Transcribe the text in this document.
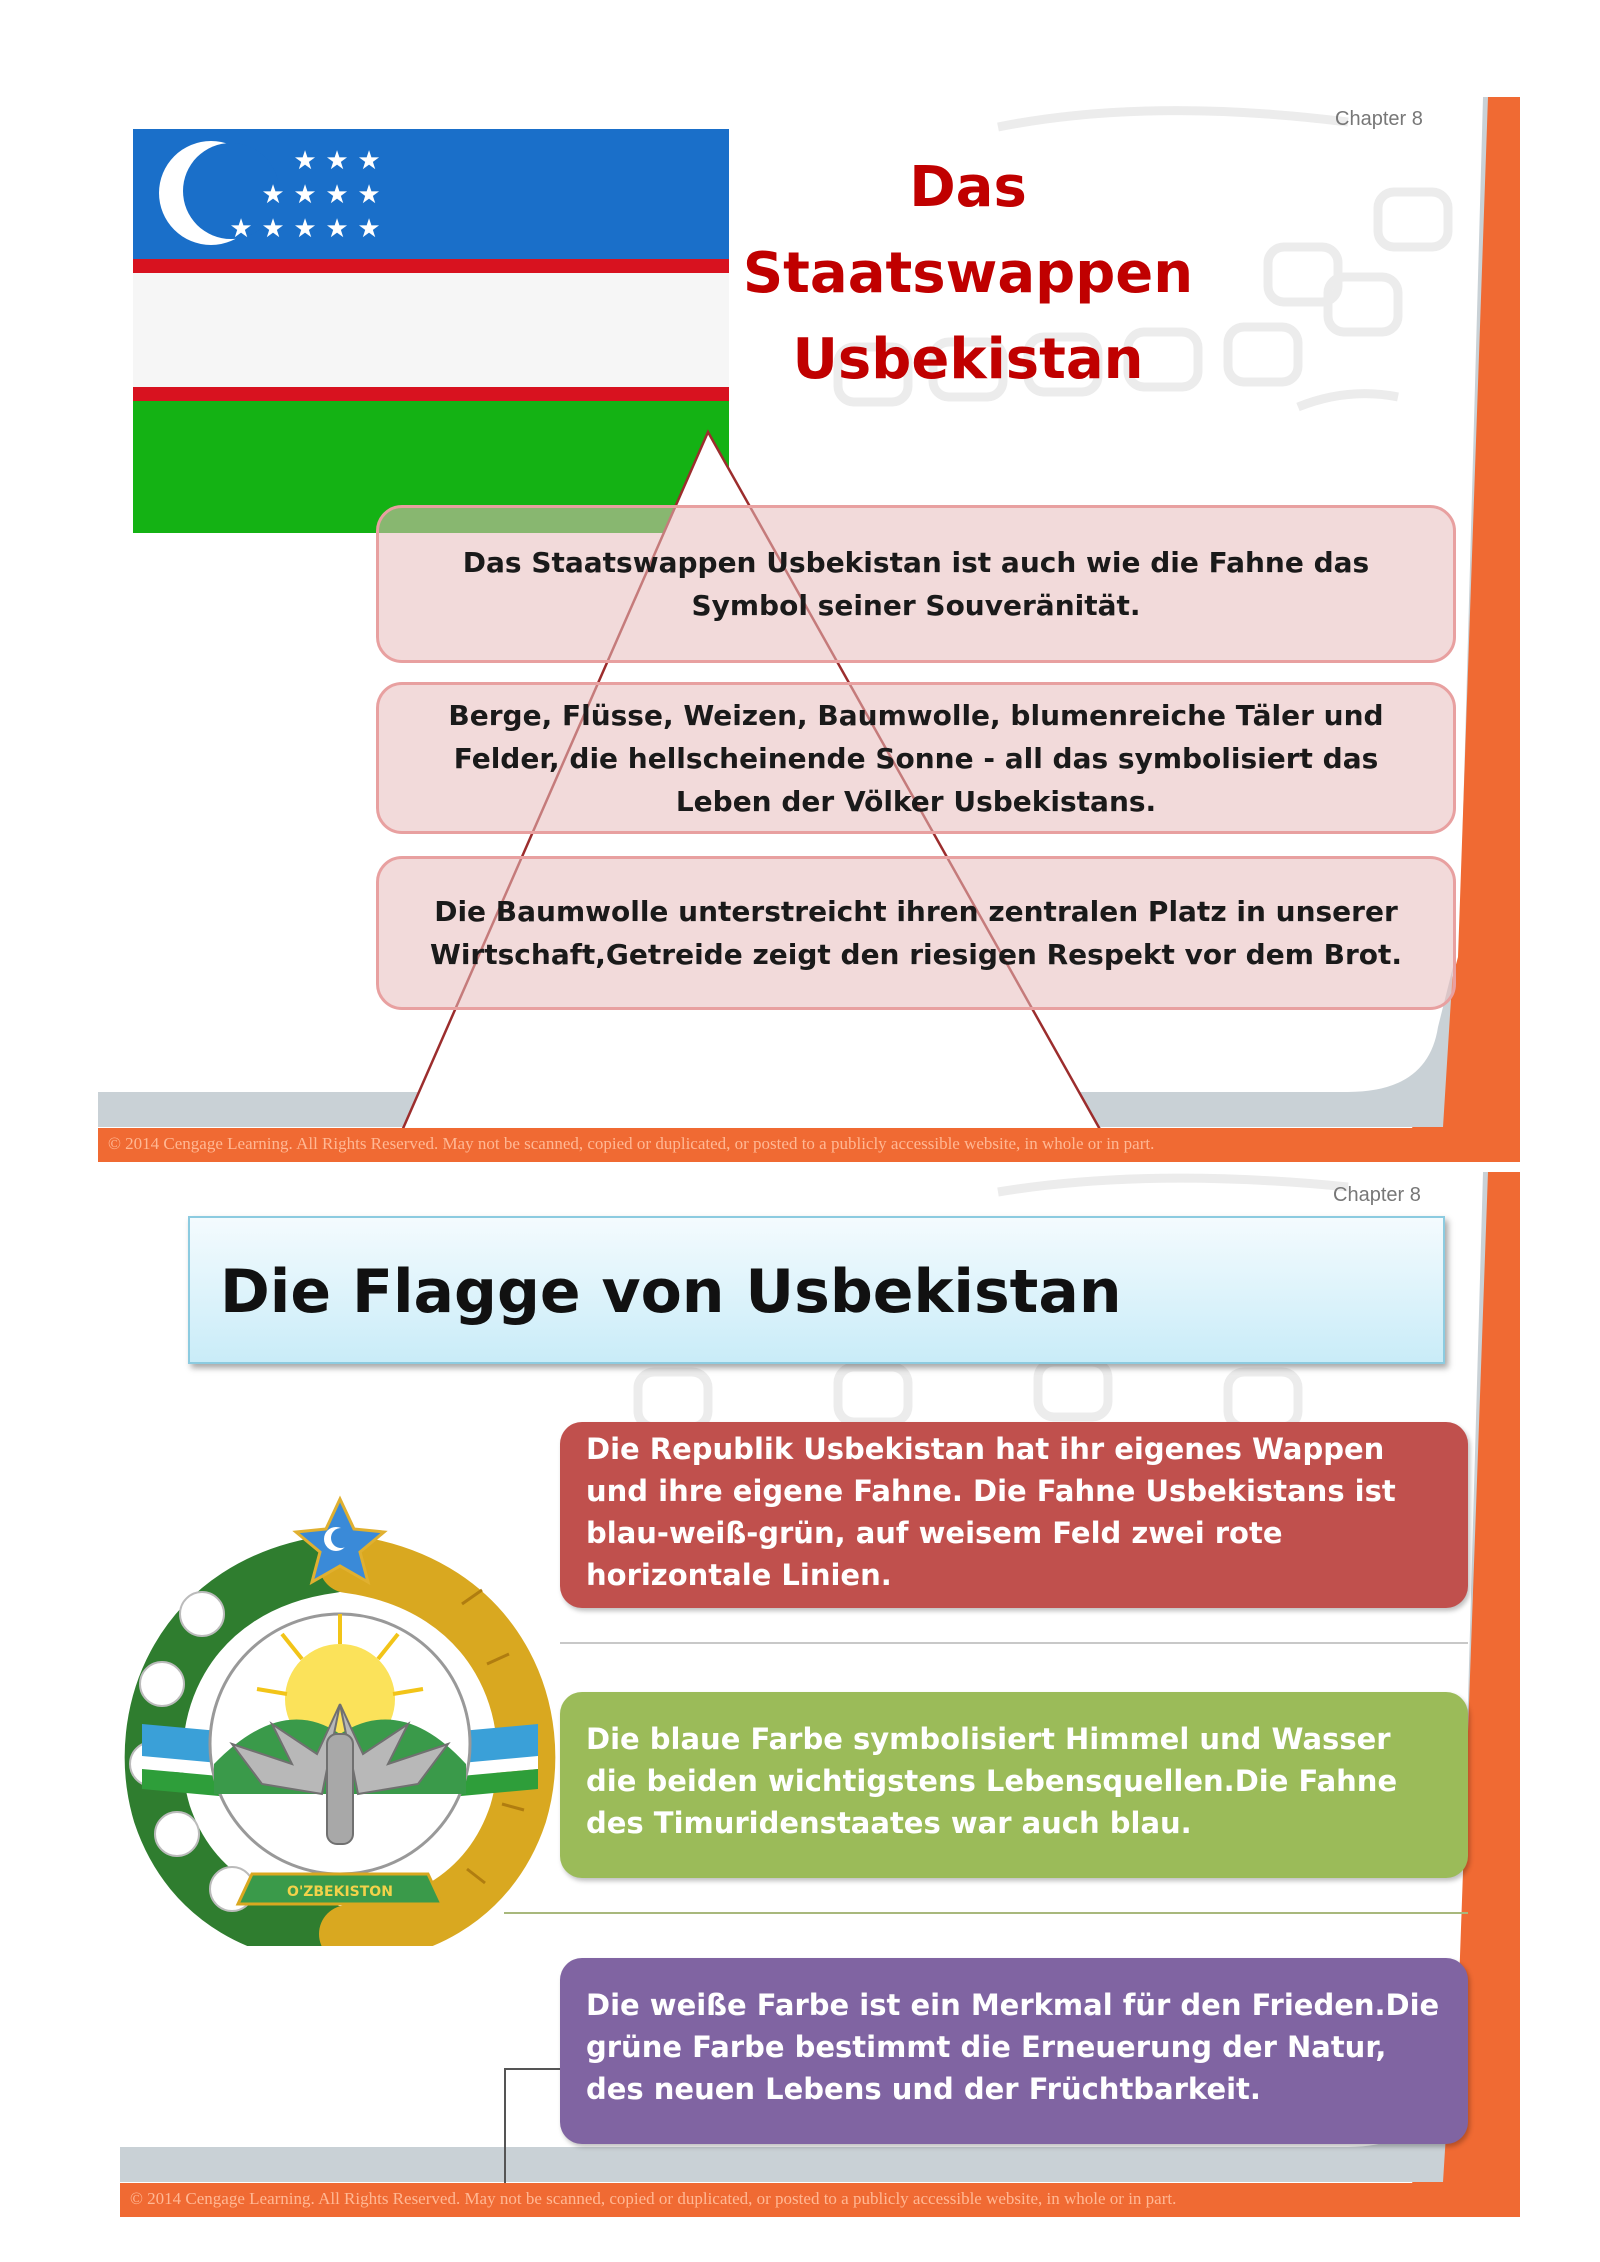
Chapter 8
★ ★ ★
★ ★ ★ ★
★ ★ ★ ★ ★
Das Staatswappen
Usbekistan
Das Staatswappen Usbekistan ist auch wie die Fahne das Symbol seiner Souveränität.
Berge, Flüsse, Weizen, Baumwolle, blumenreiche Täler und Felder, die hellscheinende Sonne - all das symbolisiert das Leben der Völker Usbekistans.
Die Baumwolle unterstreicht ihren zentralen Platz in unserer Wirtschaft,Getreide zeigt den riesigen Respekt vor dem Brot.
© 2014 Cengage Learning. All Rights Reserved. May not be scanned, copied or duplicated, or posted to a publicly accessible website, in whole or in part.
Chapter 8
Die Flagge von Usbekistan
O'ZBEKISTON
Die Republik Usbekistan hat ihr eigenes Wappen und ihre eigene Fahne. Die Fahne Usbekistans ist blau-weiß-grün, auf weisem Feld zwei rote horizontale Linien.
Die blaue Farbe symbolisiert Himmel und Wasser die beiden wichtigstens Lebensquellen.Die Fahne des Timuridenstaates war auch blau.
Die weiße Farbe ist ein Merkmal für den Frieden.Die grüne Farbe bestimmt die Erneuerung der Natur, des neuen Lebens und der Früchtbarkeit.
© 2014 Cengage Learning. All Rights Reserved. May not be scanned, copied or duplicated, or posted to a publicly accessible website, in whole or in part.
